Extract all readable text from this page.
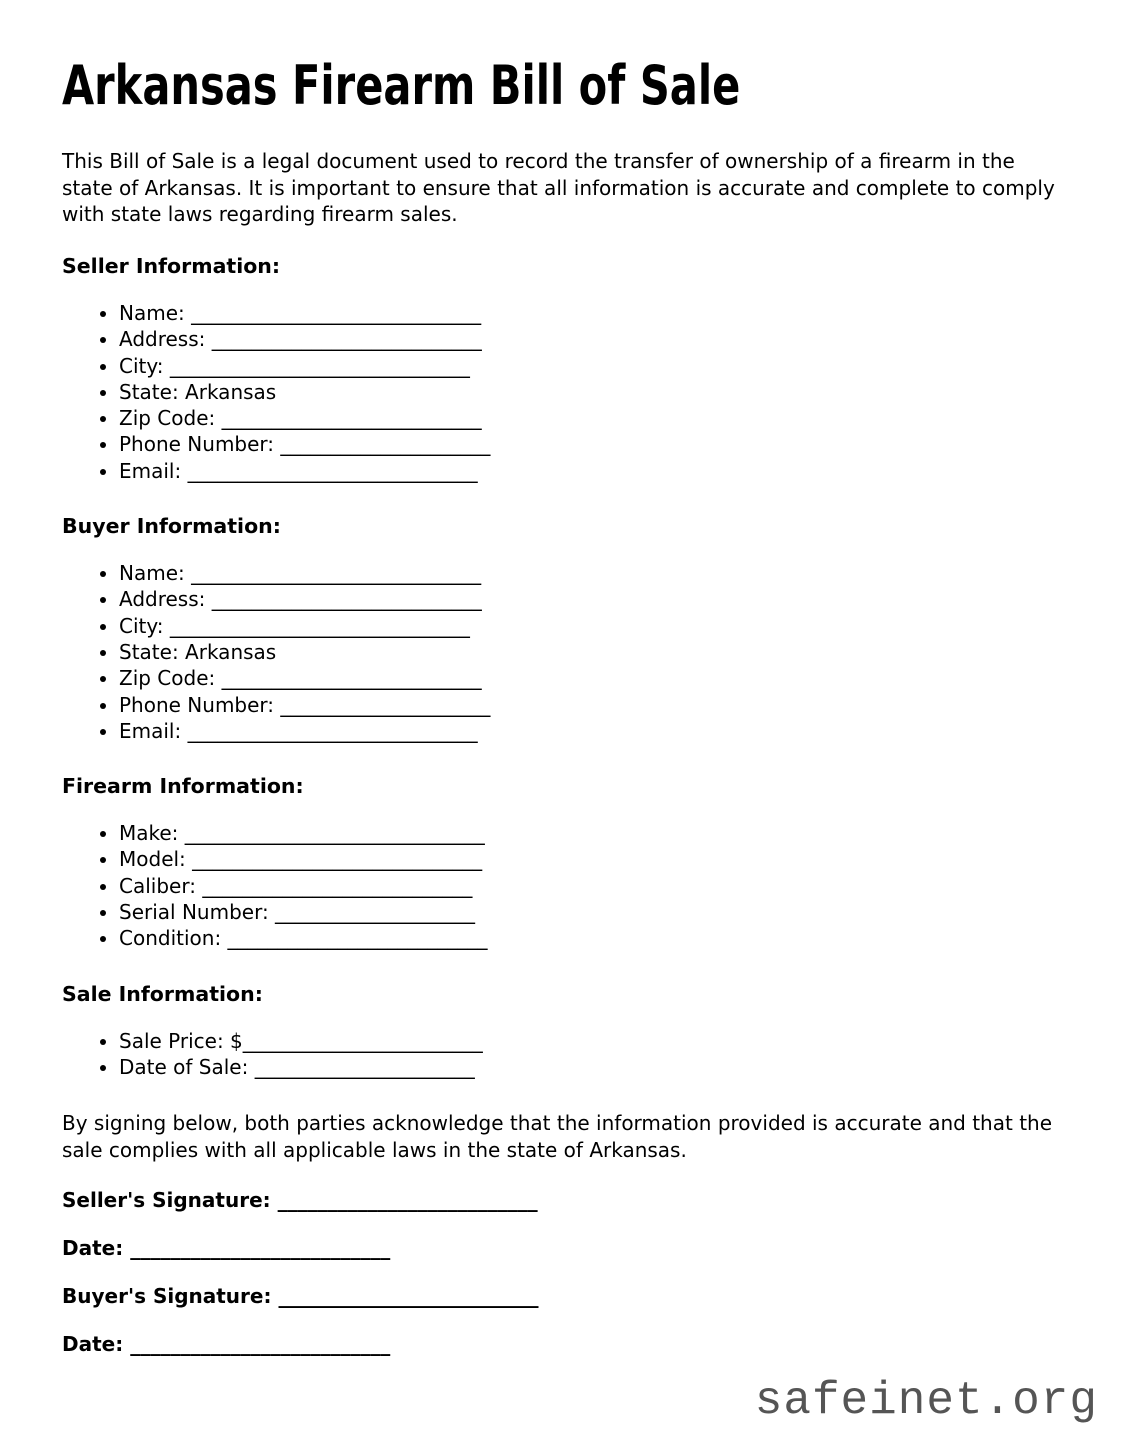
Arkansas Firearm Bill of Sale

This Bill of Sale is a legal document used to record the transfer of ownership of a firearm in the state of Arkansas. It is important to ensure that all information is accurate and complete to comply with state laws regarding firearm sales.

Seller Information:
• Name: _____________________________
• Address: ___________________________
• City: ______________________________
• State: Arkansas
• Zip Code: __________________________
• Phone Number: _____________________
• Email: _____________________________
Buyer Information:
• Name: _____________________________
• Address: ___________________________
• City: ______________________________
• State: Arkansas
• Zip Code: __________________________
• Phone Number: _____________________
• Email: _____________________________
Firearm Information:
• Make: ______________________________
• Model: _____________________________
• Caliber: ___________________________
• Serial Number: ____________________
• Condition: __________________________
Sale Information:
• Sale Price: $________________________
• Date of Sale: ______________________

By signing below, both parties acknowledge that the information provided is accurate and that the sale complies with all applicable laws in the state of Arkansas.

Seller's Signature: __________________________

Date: __________________________

Buyer's Signature: __________________________

Date: __________________________

safeinet.org
